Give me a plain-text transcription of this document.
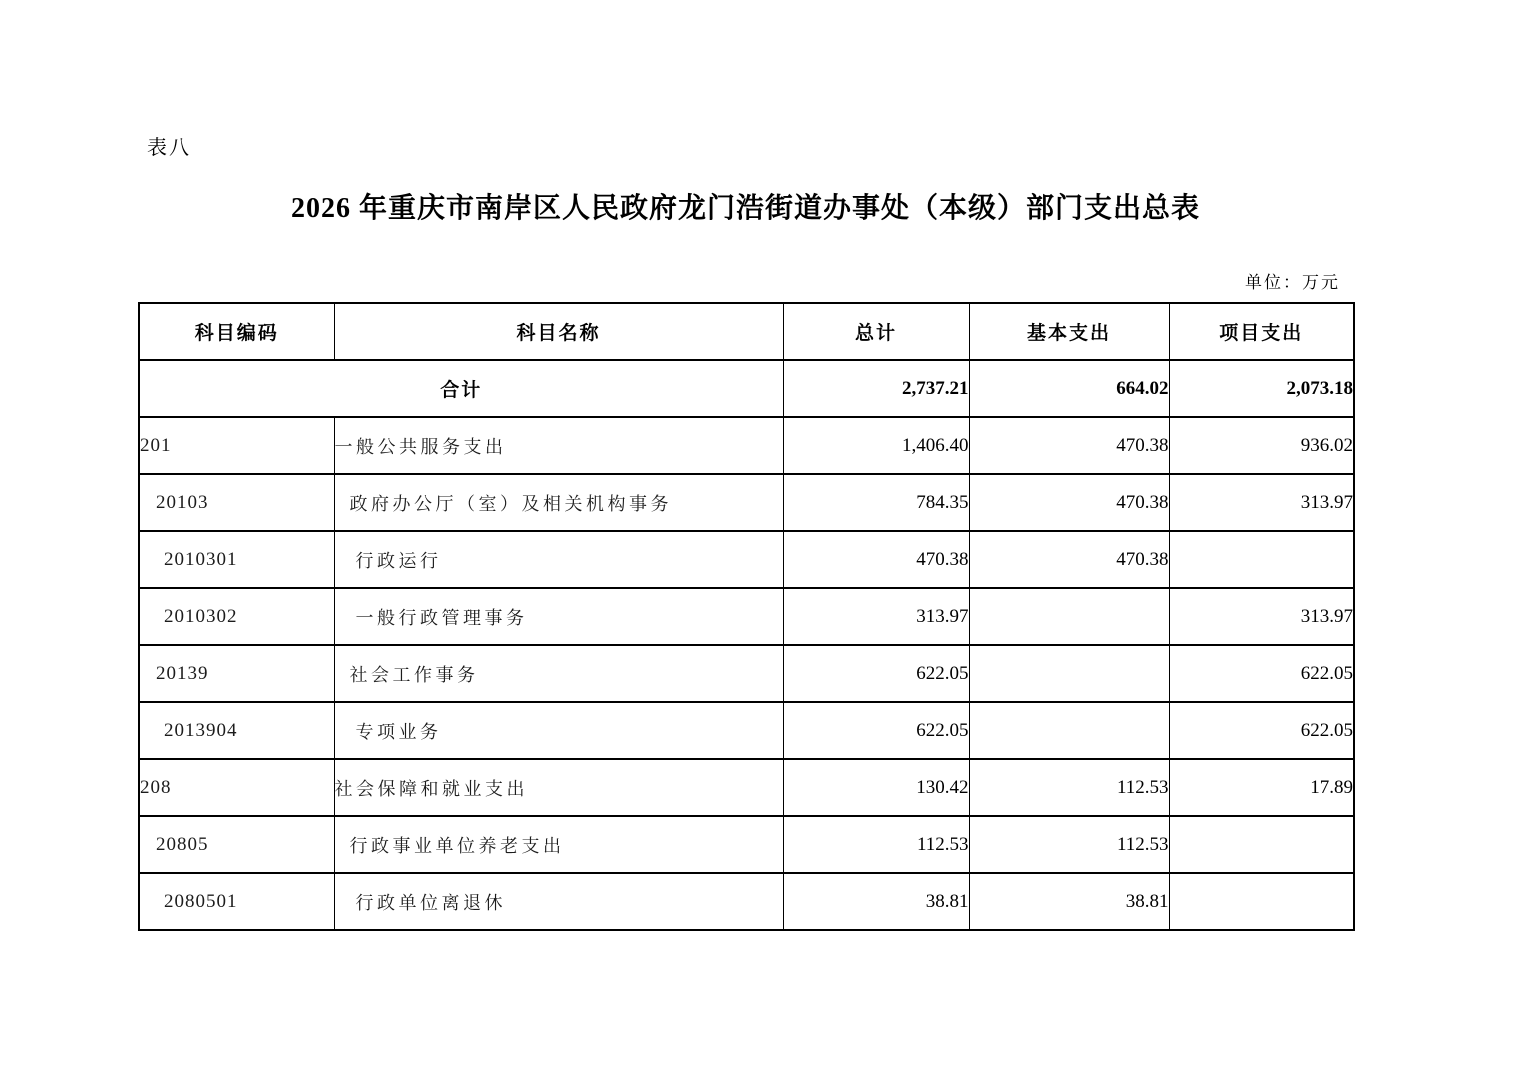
表八
2026 年重庆市南岸区人民政府龙门浩街道办事处（本级）部门支出总表
单位：万元
科目编码	科目名称	总计	基本支出	项目支出
合计		2,737.21	664.02	2,073.18
201	一般公共服务支出	1,406.40	470.38	936.02
20103	政府办公厅（室）及相关机构事务	784.35	470.38	313.97
2010301	行政运行	470.38	470.38	
2010302	一般行政管理事务	313.97		313.97
20139	社会工作事务	622.05		622.05
2013904	专项业务	622.05		622.05
208	社会保障和就业支出	130.42	112.53	17.89
20805	行政事业单位养老支出	112.53	112.53	
2080501	行政单位离退休	38.81	38.81	
